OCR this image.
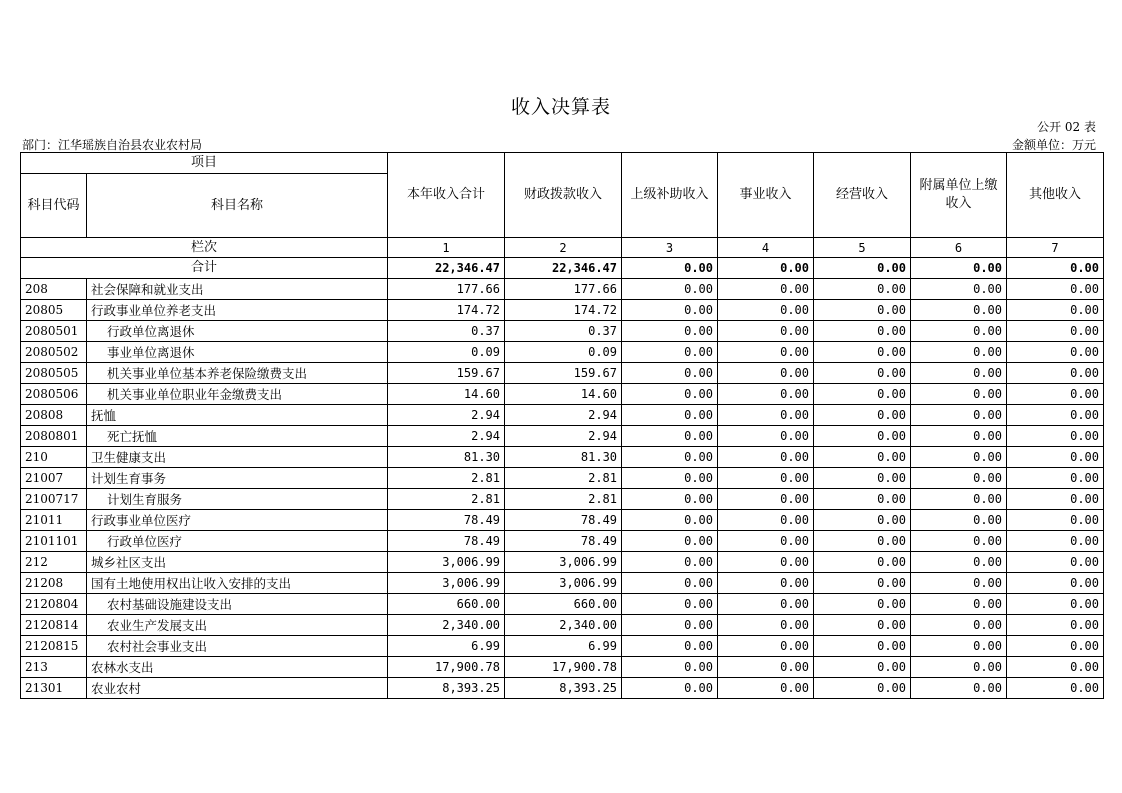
收入决算表
公开 02 表
部门：江华瑶族自治县农业农村局	金额单位：万元
项目		本年收入合计	财政拨款收入	上级补助收入	事业收入	经营收入	附属单位上缴收入	其他收入
科目代码	科目名称							
栏次		1	2	3	4	5	6	7
合计		22,346.47	22,346.47	0.00	0.00	0.00	0.00	0.00
208	社会保障和就业支出	177.66	177.66	0.00	0.00	0.00	0.00	0.00
20805	行政事业单位养老支出	174.72	174.72	0.00	0.00	0.00	0.00	0.00
2080501	行政单位离退休	0.37	0.37	0.00	0.00	0.00	0.00	0.00
2080502	事业单位离退休	0.09	0.09	0.00	0.00	0.00	0.00	0.00
2080505	机关事业单位基本养老保险缴费支出	159.67	159.67	0.00	0.00	0.00	0.00	0.00
2080506	机关事业单位职业年金缴费支出	14.60	14.60	0.00	0.00	0.00	0.00	0.00
20808	抚恤	2.94	2.94	0.00	0.00	0.00	0.00	0.00
2080801	死亡抚恤	2.94	2.94	0.00	0.00	0.00	0.00	0.00
210	卫生健康支出	81.30	81.30	0.00	0.00	0.00	0.00	0.00
21007	计划生育事务	2.81	2.81	0.00	0.00	0.00	0.00	0.00
2100717	计划生育服务	2.81	2.81	0.00	0.00	0.00	0.00	0.00
21011	行政事业单位医疗	78.49	78.49	0.00	0.00	0.00	0.00	0.00
2101101	行政单位医疗	78.49	78.49	0.00	0.00	0.00	0.00	0.00
212	城乡社区支出	3,006.99	3,006.99	0.00	0.00	0.00	0.00	0.00
21208	国有土地使用权出让收入安排的支出	3,006.99	3,006.99	0.00	0.00	0.00	0.00	0.00
2120804	农村基础设施建设支出	660.00	660.00	0.00	0.00	0.00	0.00	0.00
2120814	农业生产发展支出	2,340.00	2,340.00	0.00	0.00	0.00	0.00	0.00
2120815	农村社会事业支出	6.99	6.99	0.00	0.00	0.00	0.00	0.00
213	农林水支出	17,900.78	17,900.78	0.00	0.00	0.00	0.00	0.00
21301	农业农村	8,393.25	8,393.25	0.00	0.00	0.00	0.00	0.00
